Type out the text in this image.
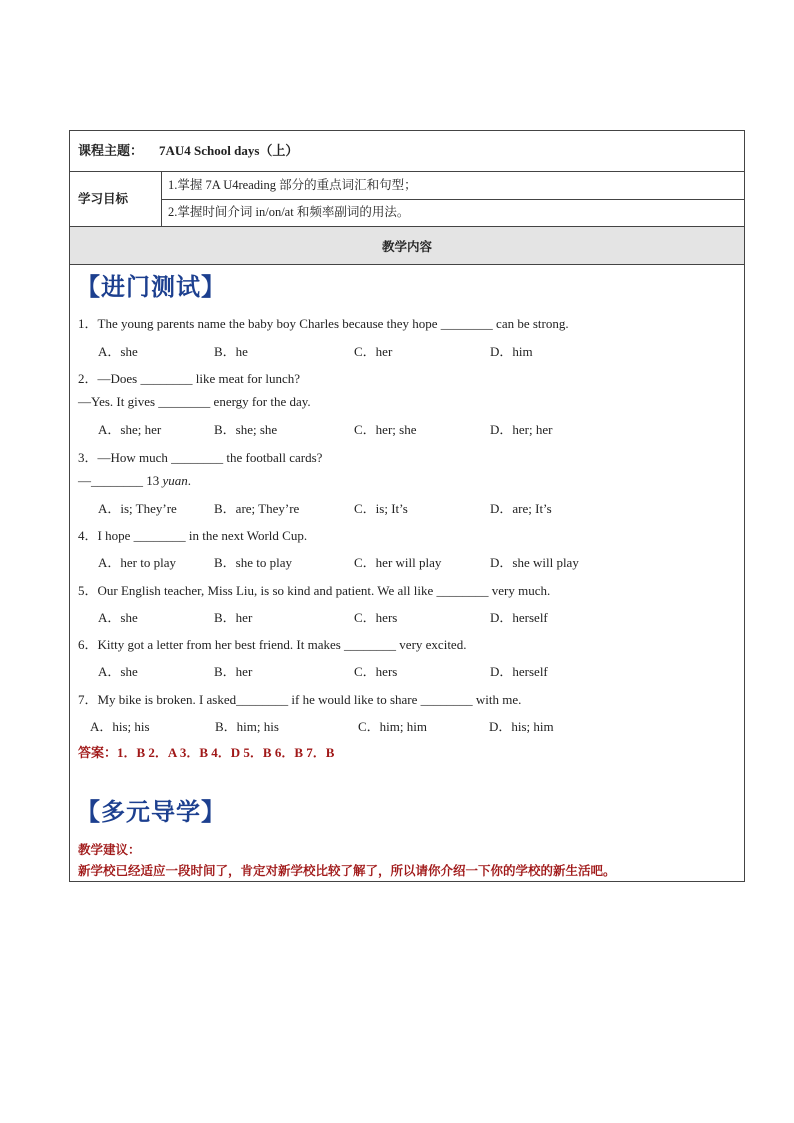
课程主题： 7AU4 School days（上）
学习目标
1.掌握 7A U4reading 部分的重点词汇和句型；
2.掌握时间介词 in/on/at 和频率副词的用法。
教学内容
【进门测试】
1．The young parents name the baby boy Charles because they hope ________ can be strong.
A．she	B．he	C．her	D．him
2．—Does ________ like meat for lunch?
—Yes. It gives ________ energy for the day.
A．she; her	B．she; she	C．her; she	D．her; her
3．—How much ________ the football cards?
—________ 13 yuan.
A．is; They’re	B．are; They’re	C．is; It’s	D．are; It’s
4．I hope ________ in the next World Cup.
A．her to play	B．she to play	C．her will play	D．she will play
5．Our English teacher, Miss Liu, is so kind and patient. We all like ________ very much.
A．she	B．her	C．hers	D．herself
6．Kitty got a letter from her best friend. It makes ________ very excited.
A．she	B．her	C．hers	D．herself
7．My bike is broken. I asked________ if he would like to share ________ with me.
A．his; his	B．him; his	C．him; him	D．his; him
答案：1．B 2．A 3．B 4．D 5．B 6．B 7．B
【多元导学】
教学建议：
新学校已经适应一段时间了，肯定对新学校比较了解了，所以请你介绍一下你的学校的新生活吧。
